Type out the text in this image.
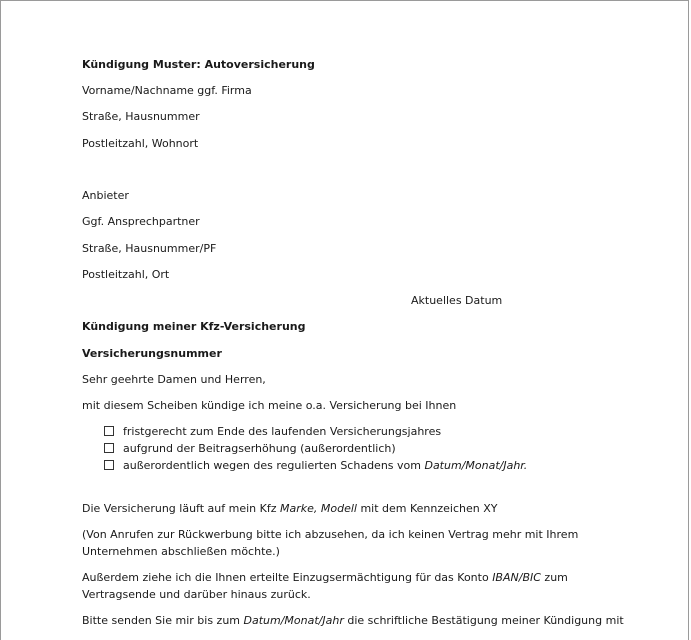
Kündigung Muster: Autoversicherung
Vorname/Nachname ggf. Firma
Straße, Hausnummer
Postleitzahl, Wohnort
Anbieter
Ggf. Ansprechpartner
Straße, Hausnummer/PF
Postleitzahl, Ort
Aktuelles Datum
Kündigung meiner Kfz-Versicherung
Versicherungsnummer
Sehr geehrte Damen und Herren,
mit diesem Scheiben kündige ich meine o.a. Versicherung bei Ihnen
fristgerecht zum Ende des laufenden Versicherungsjahres
aufgrund der Beitragserhöhung (außerordentlich)
außerordentlich wegen des regulierten Schadens vom Datum/Monat/Jahr.
Die Versicherung läuft auf mein Kfz Marke, Modell mit dem Kennzeichen XY
(Von Anrufen zur Rückwerbung bitte ich abzusehen, da ich keinen Vertrag mehr mit Ihrem
Unternehmen abschließen möchte.)
Außerdem ziehe ich die Ihnen erteilte Einzugsermächtigung für das Konto IBAN/BIC zum
Vertragsende und darüber hinaus zurück.
Bitte senden Sie mir bis zum Datum/Monat/Jahr die schriftliche Bestätigung meiner Kündigung mit
